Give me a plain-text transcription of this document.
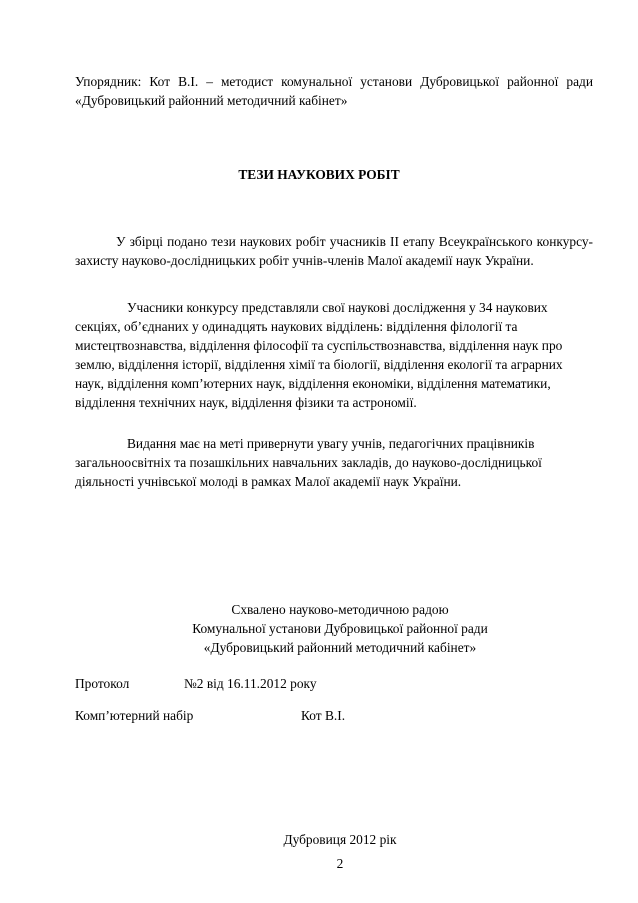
Упорядник: Кот В.І. – методист комунальної установи Дубровицької районної ради «Дубровицький районний методичний кабінет»
ТЕЗИ НАУКОВИХ РОБІТ
У збірці подано тези наукових робіт учасників ІІ етапу Всеукраїнського конкурсу-захисту науково-дослідницьких робіт учнів-членів Малої академії наук України.
Учасники конкурсу представляли свої наукові дослідження у 34 наукових секціях, об’єднаних у одинадцять наукових відділень: відділення філології та мистецтвознавства, відділення філософії та суспільствознавства, відділення наук про землю, відділення історії, відділення хімії та біології, відділення екології та аграрних наук, відділення комп’ютерних наук, відділення економіки, відділення математики, відділення технічних наук, відділення фізики та астрономії.
Видання має на меті привернути увагу учнів, педагогічних працівників загальноосвітніх та позашкільних навчальних закладів, до науково-дослідницької діяльності учнівської молоді в рамках Малої академії наук України.
Схвалено науково-методичною радою
Комунальної установи Дубровицької районної ради
«Дубровицький районний методичний кабінет»
Протокол	№2 від 16.11.2012 року
Комп’ютерний набір	Кот В.І.
Дубровиця 2012 рік
2
